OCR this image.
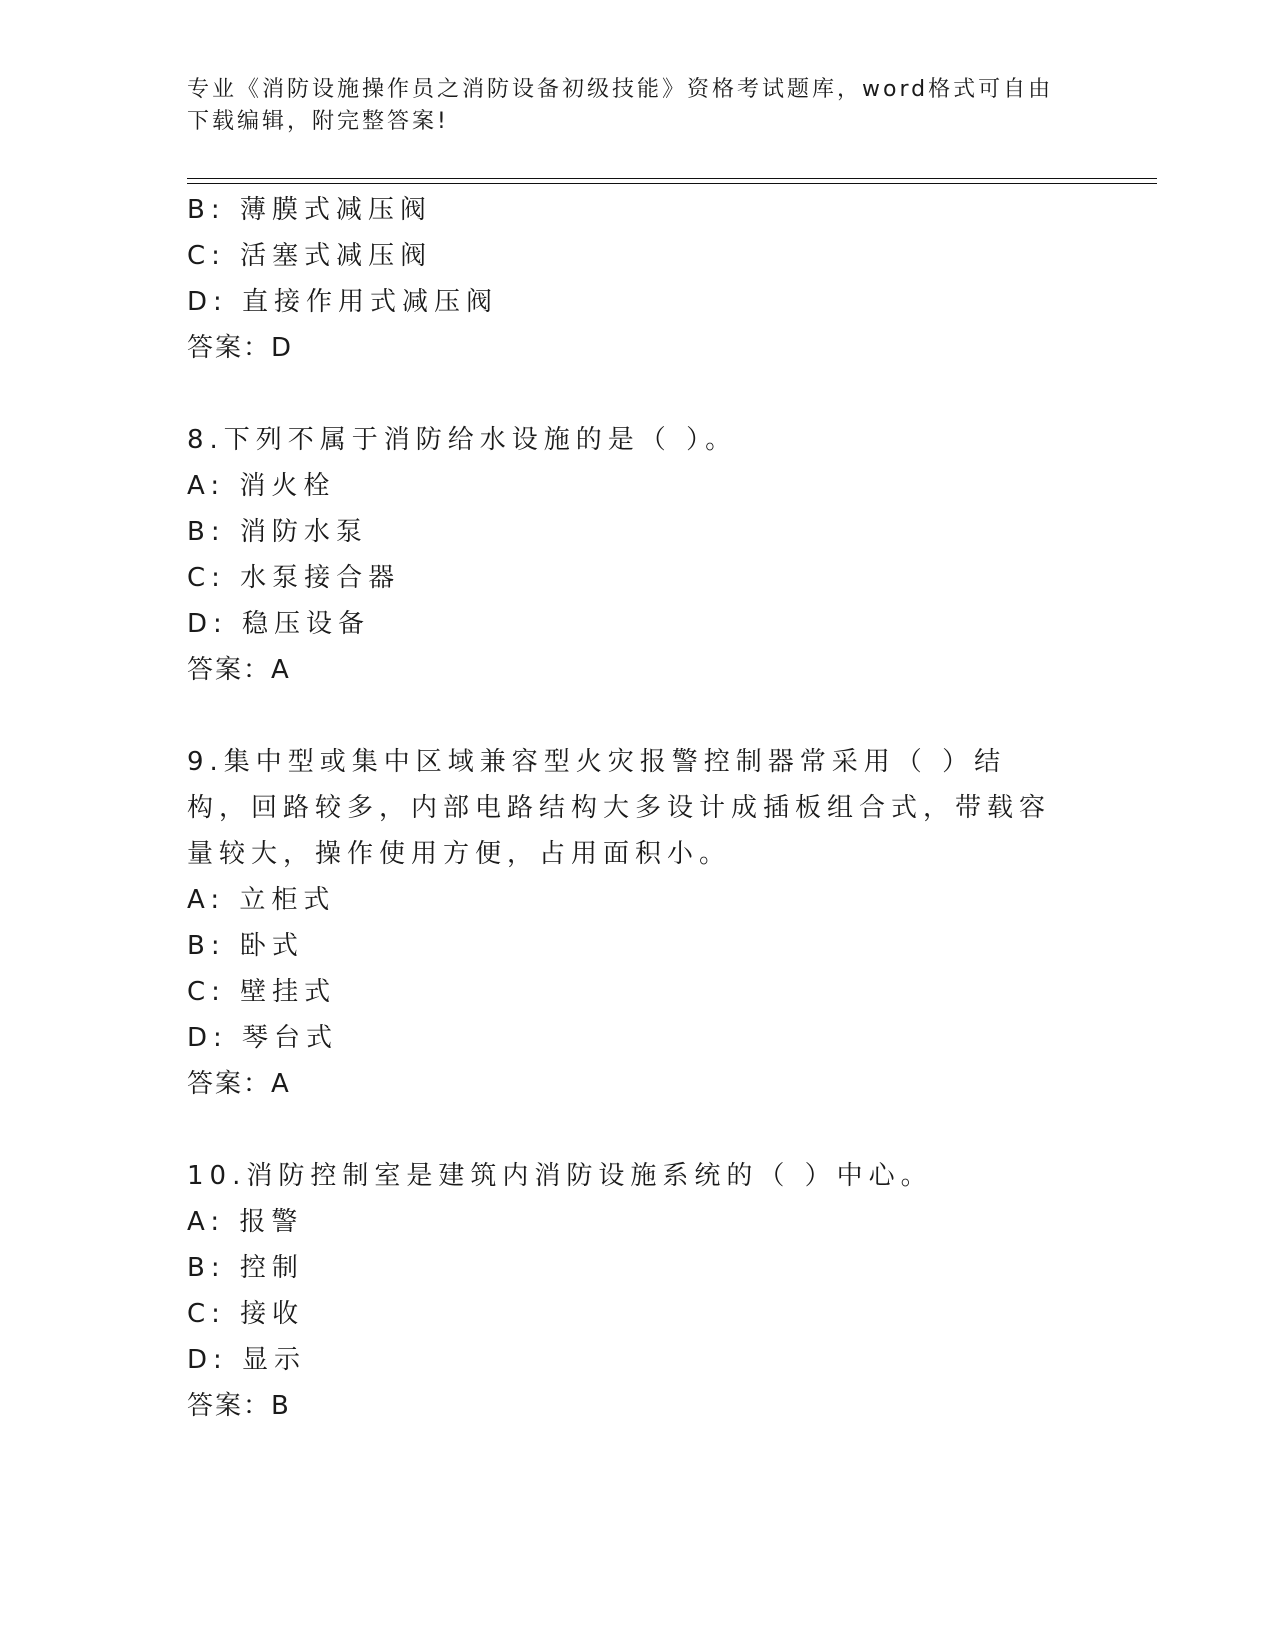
专业《消防设施操作员之消防设备初级技能》资格考试题库，word格式可自由下载编辑，附完整答案!
B: 薄膜式减压阀
C: 活塞式减压阀
D: 直接作用式减压阀
答案：D
8.下列不属于消防给水设施的是（ ）。
A: 消火栓
B: 消防水泵
C: 水泵接合器
D: 稳压设备
答案：A
9.集中型或集中区域兼容型火灾报警控制器常采用（ ）结构，回路较多，内部电路结构大多设计成插板组合式，带载容量较大，操作使用方便，占用面积小。
A: 立柜式
B: 卧式
C: 壁挂式
D: 琴台式
答案：A
10.消防控制室是建筑内消防设施系统的（ ）中心。
A: 报警
B: 控制
C: 接收
D: 显示
答案：B
